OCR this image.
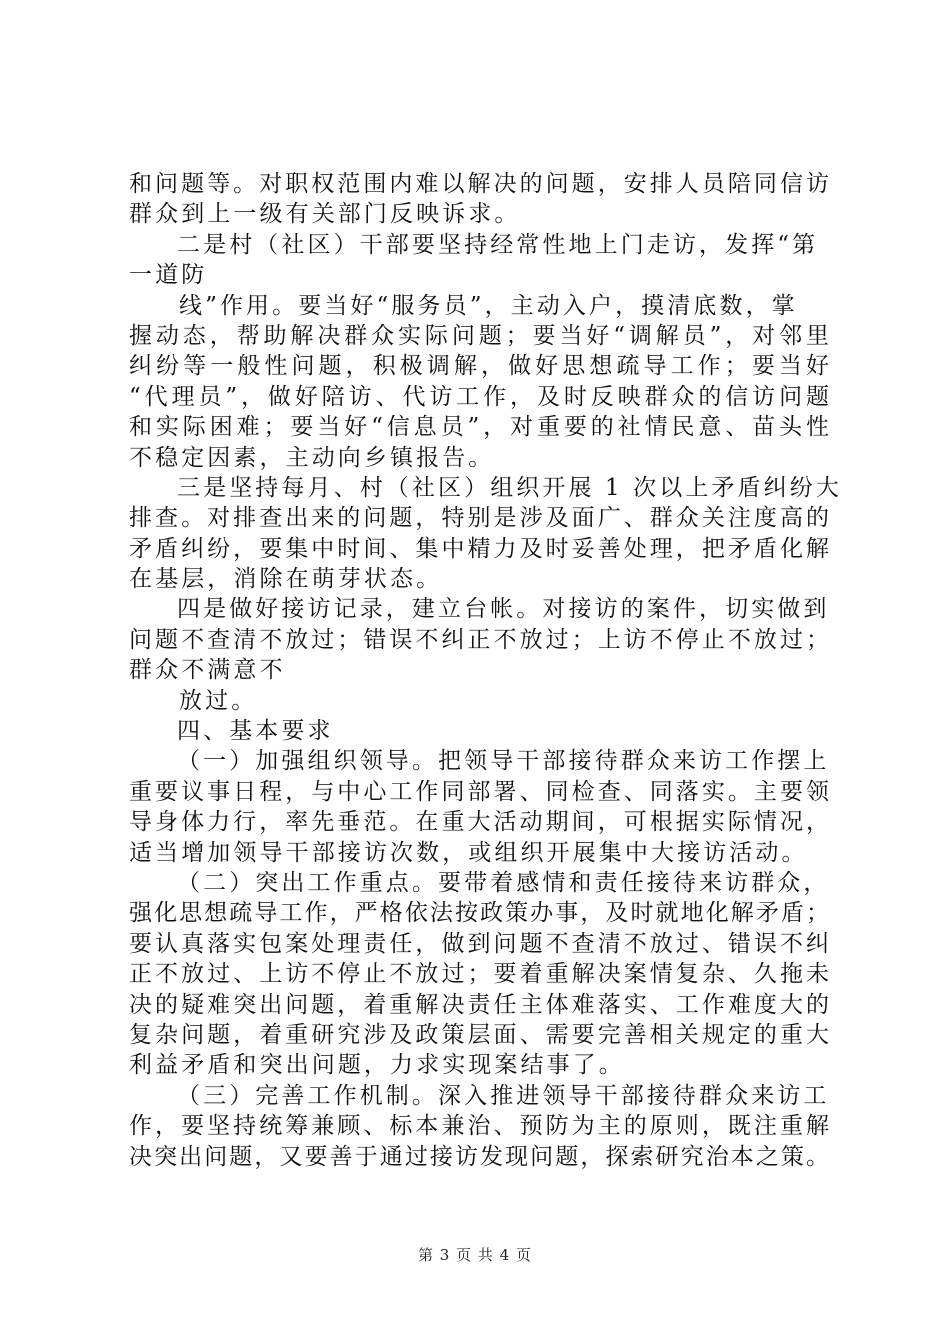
和问题等。对职权范围内难以解决的问题，安排人员陪同信访
群众到上一级有关部门反映诉求。
二是村（社区）干部要坚持经常性地上门走访，发挥“第
一道防
线”作用。要当好“服务员”，主动入户，摸清底数，掌
握动态，帮助解决群众实际问题；要当好“调解员”，对邻里
纠纷等一般性问题，积极调解，做好思想疏导工作；要当好
“代理员”，做好陪访、代访工作，及时反映群众的信访问题
和实际困难；要当好“信息员”，对重要的社情民意、苗头性
不稳定因素，主动向乡镇报告。
三是坚持每月、村（社区）组织开展 1 次以上矛盾纠纷大
排查。对排查出来的问题，特别是涉及面广、群众关注度高的
矛盾纠纷，要集中时间、集中精力及时妥善处理，把矛盾化解
在基层，消除在萌芽状态。
四是做好接访记录，建立台帐。对接访的案件，切实做到
问题不查清不放过；错误不纠正不放过；上访不停止不放过；
群众不满意不
放过。
四、基本要求
（一）加强组织领导。把领导干部接待群众来访工作摆上
重要议事日程，与中心工作同部署、同检查、同落实。主要领
导身体力行，率先垂范。在重大活动期间，可根据实际情况，
适当增加领导干部接访次数，或组织开展集中大接访活动。
（二）突出工作重点。要带着感情和责任接待来访群众，
强化思想疏导工作，严格依法按政策办事，及时就地化解矛盾；
要认真落实包案处理责任，做到问题不查清不放过、错误不纠
正不放过、上访不停止不放过；要着重解决案情复杂、久拖未
决的疑难突出问题，着重解决责任主体难落实、工作难度大的
复杂问题，着重研究涉及政策层面、需要完善相关规定的重大
利益矛盾和突出问题，力求实现案结事了。
（三）完善工作机制。深入推进领导干部接待群众来访工
作，要坚持统筹兼顾、标本兼治、预防为主的原则，既注重解
决突出问题，又要善于通过接访发现问题，探索研究治本之策。
第 3 页 共 4 页
